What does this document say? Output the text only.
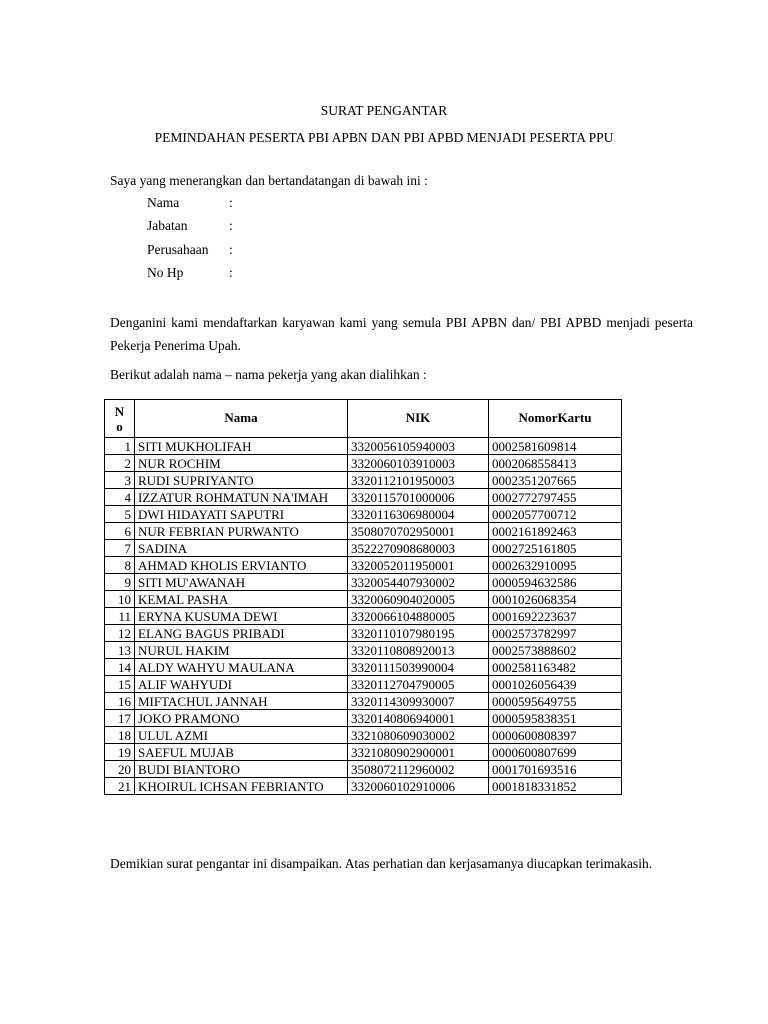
SURAT PENGANTAR
PEMINDAHAN PESERTA PBI APBN DAN PBI APBD MENJADI PESERTA PPU
Saya yang menerangkan dan bertandatangan di bawah ini :
Nama	:
Jabatan	:
Perusahaan :
No Hp	:

Denganini kami mendaftarkan karyawan kami yang semula PBI APBN dan/ PBI APBD menjadi peserta Pekerja Penerima Upah.

Berikut adalah nama – nama pekerja yang akan dialihkan :
No	Nama	NIK	NomorKartu
1	SITI MUKHOLIFAH	3320056105940003	0002581609814
2	NUR ROCHIM	3320060103910003	0002068558413
3	RUDI SUPRIYANTO	3320112101950003	0002351207665
4	IZZATUR ROHMATUN NA'IMAH	3320115701000006	0002772797455
5	DWI HIDAYATI SAPUTRI	3320116306980004	0002057700712
6	NUR FEBRIAN PURWANTO	3508070702950001	0002161892463
7	SADINA	3522270908680003	0002725161805
8	AHMAD KHOLIS ERVIANTO	3320052011950001	0002632910095
9	SITI MU'AWANAH	3320054407930002	0000594632586
10	KEMAL PASHA	3320060904020005	0001026068354
11	ERYNA KUSUMA DEWI	3320066104880005	0001692223637
12	ELANG BAGUS PRIBADI	3320110107980195	0002573782997
13	NURUL HAKIM	3320110808920013	0002573888602
14	ALDY WAHYU MAULANA	3320111503990004	0002581163482
15	ALIF WAHYUDI	3320112704790005	0001026056439
16	MIFTACHUL JANNAH	3320114309930007	0000595649755
17	JOKO PRAMONO	3320140806940001	0000595838351
18	ULUL AZMI	3321080609030002	0000600808397
19	SAEFUL MUJAB	3321080902900001	0000600807699
20	BUDI BIANTORO	3508072112960002	0001701693516
21	KHOIRUL ICHSAN FEBRIANTO	3320060102910006	0001818331852
Demikian surat pengantar ini disampaikan. Atas perhatian dan kerjasamanya diucapkan terimakasih.
